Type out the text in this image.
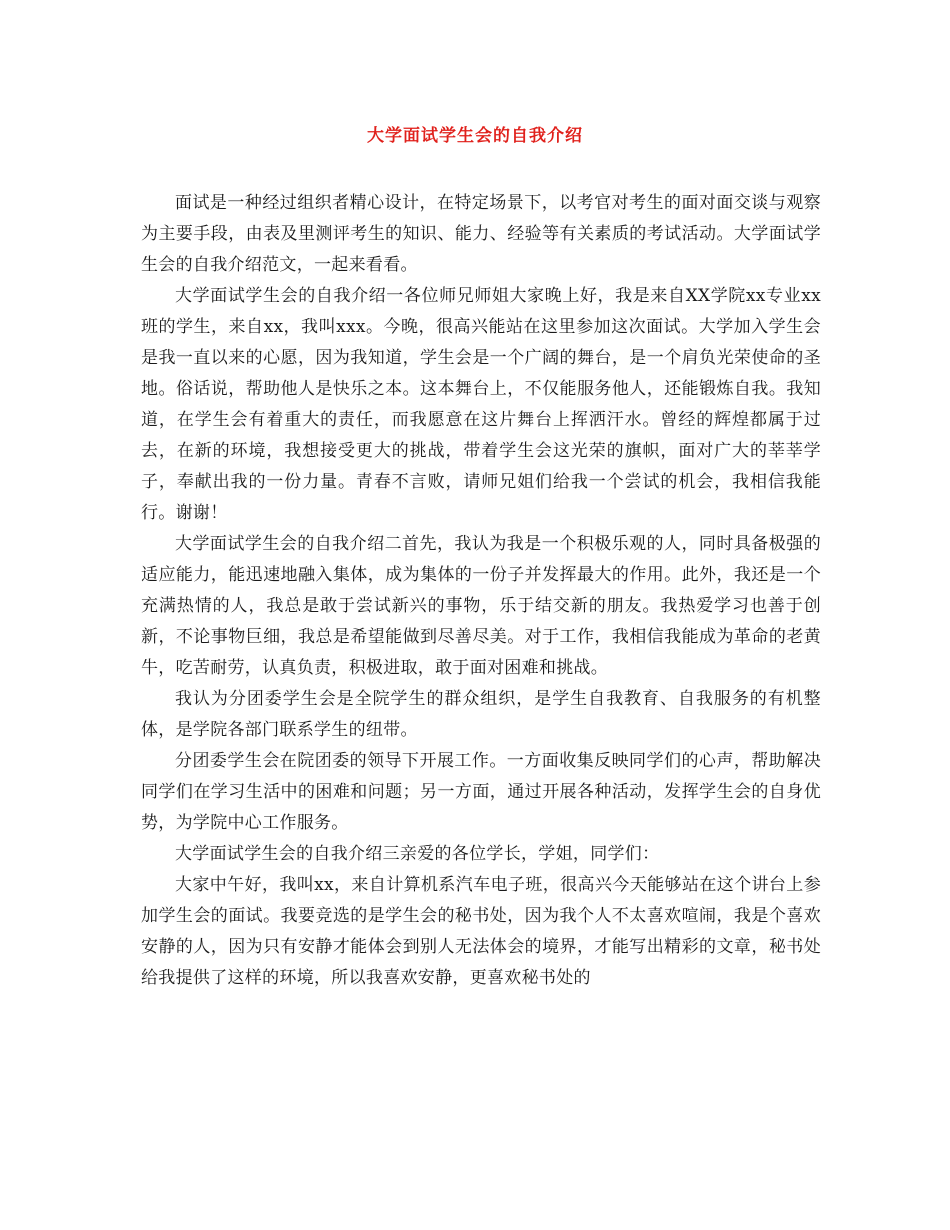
大学面试学生会的自我介绍

面试是一种经过组织者精心设计，在特定场景下，以考官对考生的面对面交谈与观察为主要手段，由表及里测评考生的知识、能力、经验等有关素质的考试活动。大学面试学生会的自我介绍范文，一起来看看。

大学面试学生会的自我介绍一各位师兄师姐大家晚上好，我是来自XX学院xx专业xx班的学生，来自xx，我叫xxx。今晚，很高兴能站在这里参加这次面试。大学加入学生会是我一直以来的心愿，因为我知道，学生会是一个广阔的舞台，是一个肩负光荣使命的圣地。俗话说，帮助他人是快乐之本。这本舞台上，不仅能服务他人，还能锻炼自我。我知道，在学生会有着重大的责任，而我愿意在这片舞台上挥洒汗水。曾经的辉煌都属于过去，在新的环境，我想接受更大的挑战，带着学生会这光荣的旗帜，面对广大的莘莘学子，奉献出我的一份力量。青春不言败，请师兄姐们给我一个尝试的机会，我相信我能行。谢谢！

大学面试学生会的自我介绍二首先，我认为我是一个积极乐观的人，同时具备极强的适应能力，能迅速地融入集体，成为集体的一份子并发挥最大的作用。此外，我还是一个充满热情的人，我总是敢于尝试新兴的事物，乐于结交新的朋友。我热爱学习也善于创新，不论事物巨细，我总是希望能做到尽善尽美。对于工作，我相信我能成为革命的老黄牛，吃苦耐劳，认真负责，积极进取，敢于面对困难和挑战。

我认为分团委学生会是全院学生的群众组织，是学生自我教育、自我服务的有机整体，是学院各部门联系学生的纽带。

分团委学生会在院团委的领导下开展工作。一方面收集反映同学们的心声，帮助解决同学们在学习生活中的困难和问题；另一方面，通过开展各种活动，发挥学生会的自身优势，为学院中心工作服务。

大学面试学生会的自我介绍三亲爱的各位学长，学姐，同学们：

大家中午好，我叫xx，来自计算机系汽车电子班，很高兴今天能够站在这个讲台上参加学生会的面试。我要竞选的是学生会的秘书处，因为我个人不太喜欢喧闹，我是个喜欢安静的人，因为只有安静才能体会到别人无法体会的境界，才能写出精彩的文章，秘书处给我提供了这样的环境，所以我喜欢安静，更喜欢秘书处的
